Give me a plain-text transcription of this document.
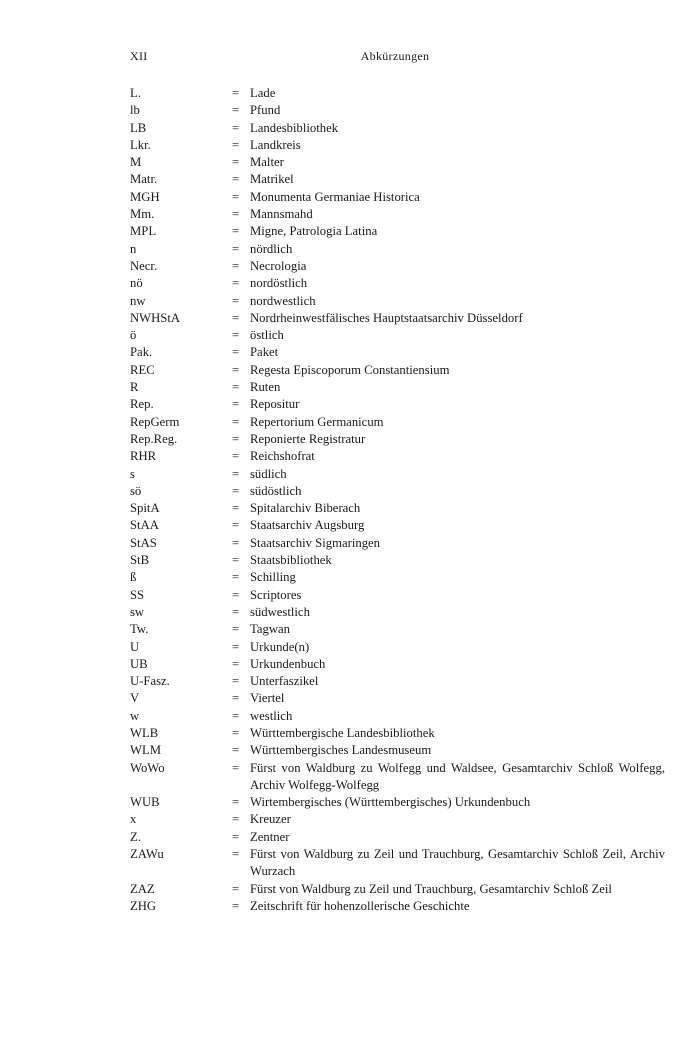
XII	Abkürzungen
L.	= Lade
lb	= Pfund
LB	= Landesbibliothek
Lkr.	= Landkreis
M	= Malter
Matr.	= Matrikel
MGH	= Monumenta Germaniae Historica
Mm.	= Mannsmahd
MPL	= Migne, Patrologia Latina
n	= nördlich
Necr.	= Necrologia
nö	= nordöstlich
nw	= nordwestlich
NWHStA	= Nordrheinwestfälisches Hauptstaatsarchiv Düsseldorf
ö	= östlich
Pak.	= Paket
REC	= Regesta Episcoporum Constantiensium
R	= Ruten
Rep.	= Repositur
RepGerm	= Repertorium Germanicum
Rep.Reg.	= Reponierte Registratur
RHR	= Reichshofrat
s	= südlich
sö	= südöstlich
SpitA	= Spitalarchiv Biberach
StAA	= Staatsarchiv Augsburg
StAS	= Staatsarchiv Sigmaringen
StB	= Staatsbibliothek
ß	= Schilling
SS	= Scriptores
sw	= südwestlich
Tw.	= Tagwan
U	= Urkunde(n)
UB	= Urkundenbuch
U-Fasz.	= Unterfaszikel
V	= Viertel
w	= westlich
WLB	= Württembergische Landesbibliothek
WLM	= Württembergisches Landesmuseum
WoWo	= Fürst von Waldburg zu Wolfegg und Waldsee, Gesamtarchiv Schloß Wolfegg, Archiv Wolfegg-Wolfegg
WUB	= Wirtembergisches (Württembergisches) Urkundenbuch
x	= Kreuzer
Z.	= Zentner
ZAWu	= Fürst von Waldburg zu Zeil und Trauchburg, Gesamtarchiv Schloß Zeil, Archiv Wurzach
ZAZ	= Fürst von Waldburg zu Zeil und Trauchburg, Gesamtarchiv Schloß Zeil
ZHG	= Zeitschrift für hohenzollerische Geschichte
